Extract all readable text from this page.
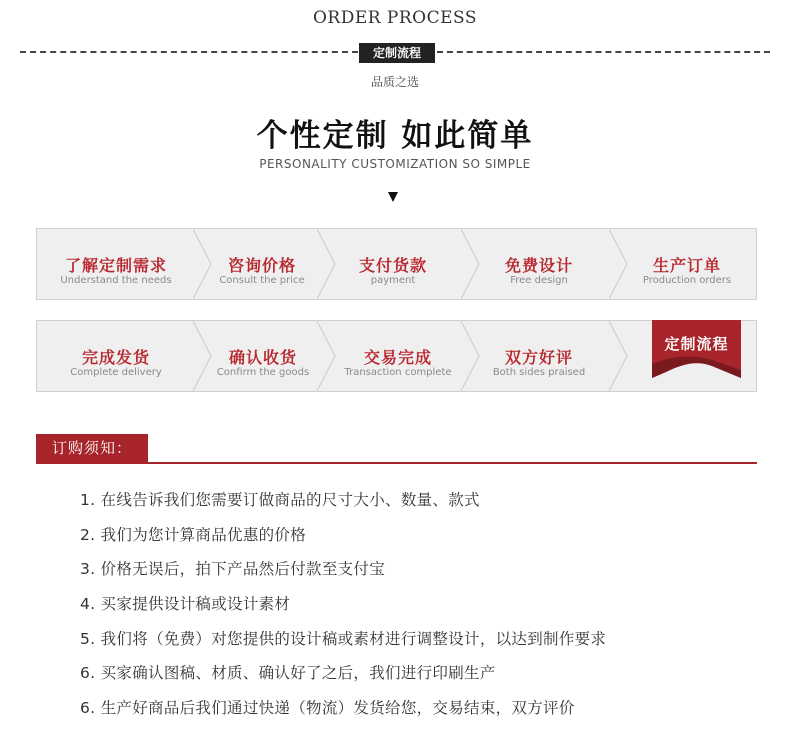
ORDER PROCESS
定制流程
品质之选
个性定制 如此简单
PERSONALITY CUSTOMIZATION SO SIMPLE
了解定制需求
Understand the needs
咨询价格
Consult the price
支付货款
payment
免费设计
Free design
生产订单
Production orders
完成发货
Complete delivery
确认收货
Confirm the goods
交易完成
Transaction complete
双方好评
Both sides praised
定制流程
订购须知：
1. 在线告诉我们您需要订做商品的尺寸大小、数量、款式
2. 我们为您计算商品优惠的价格
3. 价格无误后，拍下产品然后付款至支付宝
4. 买家提供设计稿或设计素材
5. 我们将（免费）对您提供的设计稿或素材进行调整设计，以达到制作要求
6. 买家确认图稿、材质、确认好了之后，我们进行印刷生产
6. 生产好商品后我们通过快递（物流）发货给您，交易结束，双方评价
